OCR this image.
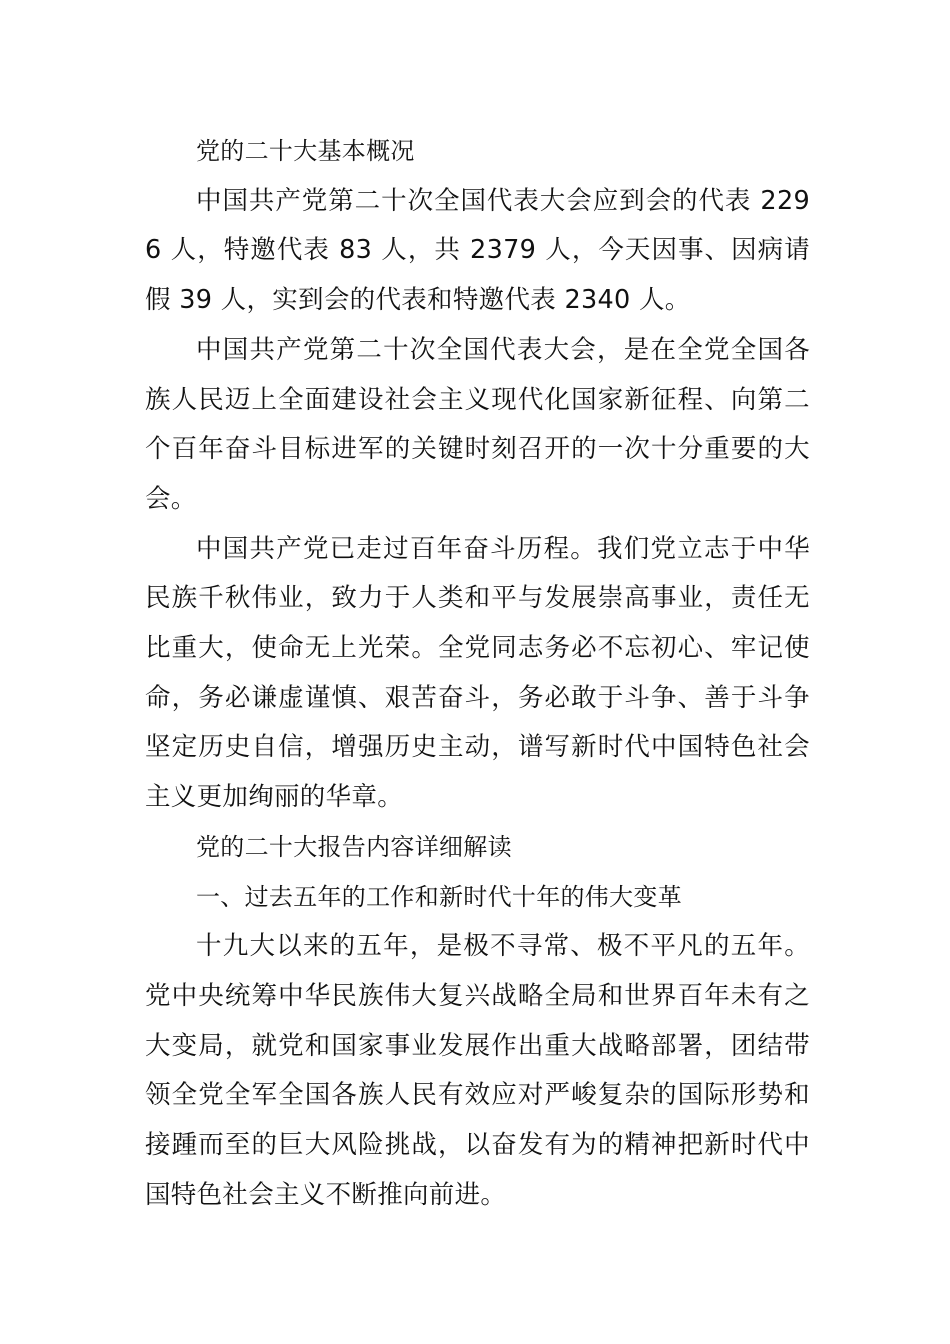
党的二十大基本概况

中国共产党第二十次全国代表大会应到会的代表 2296 人，特邀代表 83 人，共 2379 人，今天因事、因病请假 39 人，实到会的代表和特邀代表 2340 人。

中国共产党第二十次全国代表大会，是在全党全国各族人民迈上全面建设社会主义现代化国家新征程、向第二个百年奋斗目标进军的关键时刻召开的一次十分重要的大会。

中国共产党已走过百年奋斗历程。我们党立志于中华民族千秋伟业，致力于人类和平与发展崇高事业，责任无比重大，使命无上光荣。全党同志务必不忘初心、牢记使命，务必谦虚谨慎、艰苦奋斗，务必敢于斗争、善于斗争坚定历史自信，增强历史主动，谱写新时代中国特色社会主义更加绚丽的华章。

党的二十大报告内容详细解读

一、过去五年的工作和新时代十年的伟大变革

十九大以来的五年，是极不寻常、极不平凡的五年。党中央统筹中华民族伟大复兴战略全局和世界百年未有之大变局，就党和国家事业发展作出重大战略部署，团结带领全党全军全国各族人民有效应对严峻复杂的国际形势和接踵而至的巨大风险挑战，以奋发有为的精神把新时代中国特色社会主义不断推向前进。
